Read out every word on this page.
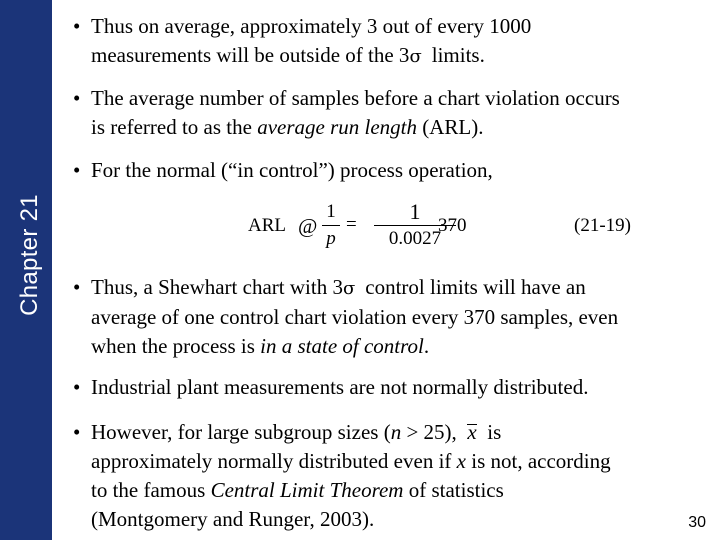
Chapter 21
• Thus on average, approximately 3 out of every 1000
measurements will be outside of the 3σ limits.
• The average number of samples before a chart violation occurs
is referred to as the average run length (ARL).
• For the normal (“in control”) process operation,
ARL @
1
p
=
1
0.0027
370	(21-19)
• Thus, a Shewhart chart with 3σ control limits will have an
average of one control chart violation every 370 samples, even
when the process is in a state of control.
• Industrial plant measurements are not normally distributed.
• However, for large subgroup sizes (n > 25), x is
approximately normally distributed even if x is not, according
to the famous Central Limit Theorem of statistics
(Montgomery and Runger, 2003).	30
